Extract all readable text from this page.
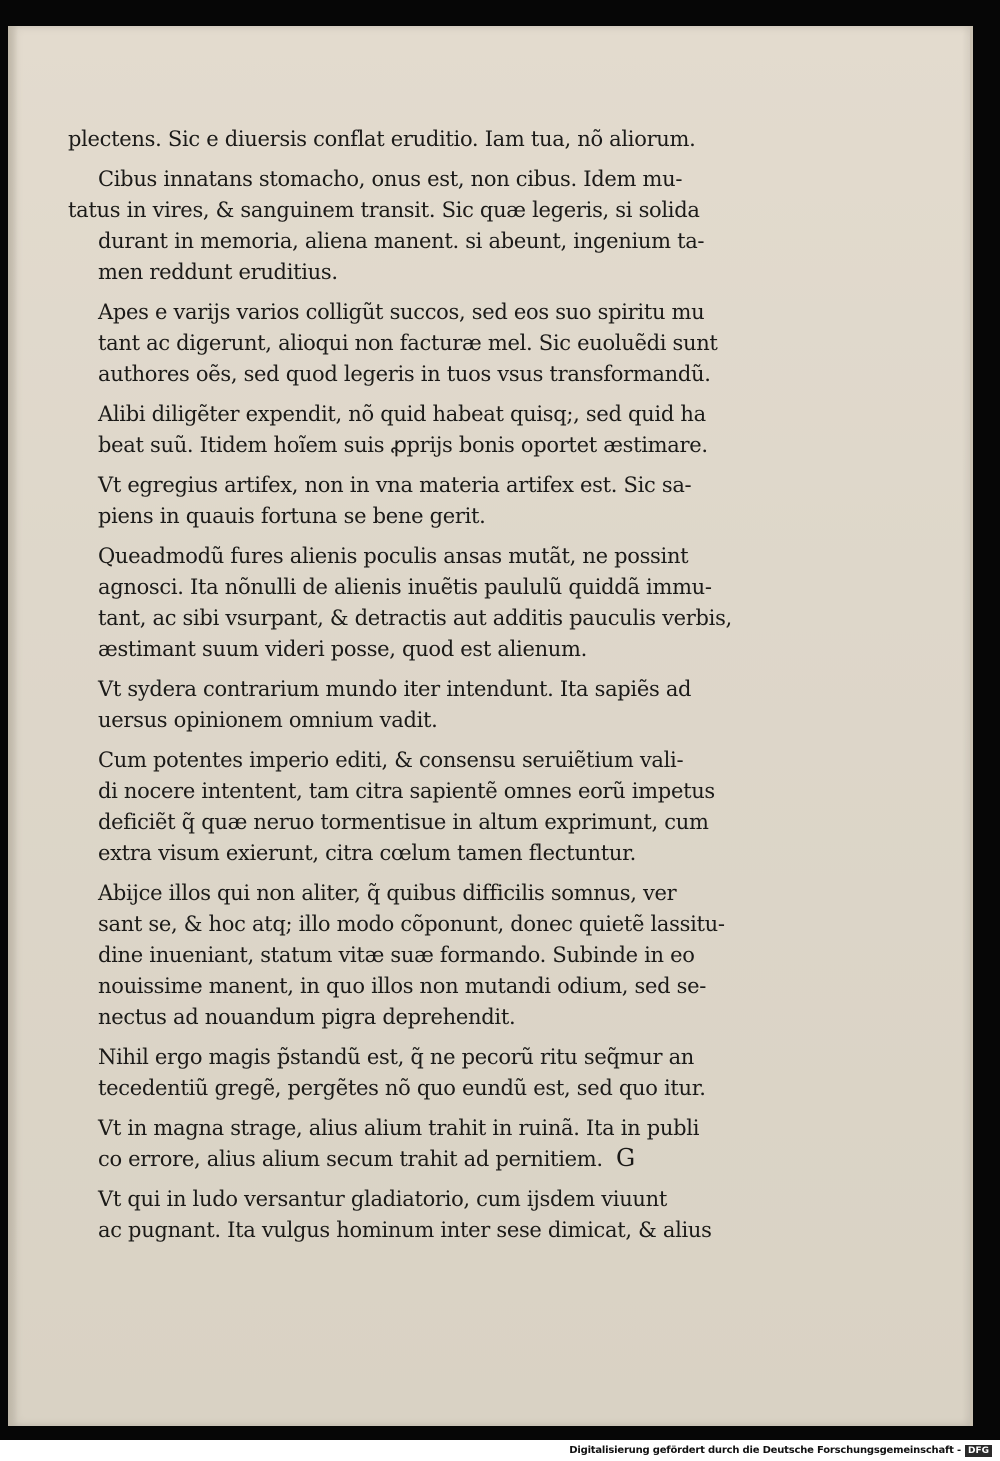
plectens. Sic e diuersis conflat eruditio. Iam tua, nõ aliorum.

Cibus innatans stomacho, onus est, non cibus. Idem mu-
tatus in vires, & sanguinem transit. Sic quæ legeris, si solida
durant in memoria, aliena manent. si abeunt, ingenium ta-
men reddunt eruditius.

Apes e varijs varios colligũt succos, sed eos suo spiritu mu
tant ac digerunt, alioqui non facturæ mel. Sic euoluẽdi sunt
authores oẽs, sed quod legeris in tuos vsus transformandũ.

Alibi diligẽter expendit, nõ quid habeat quisq;, sed quid ha
beat suũ. Itidem hoĩem suis ꝓprijs bonis oportet æstimare.

Vt egregius artifex, non in vna materia artifex est. Sic sa-
piens in quauis fortuna se bene gerit.

Queadmodũ fures alienis poculis ansas mutãt, ne possint
agnosci. Ita nõnulli de alienis inuẽtis paululũ quiddã immu-
tant, ac sibi vsurpant, & detractis aut additis pauculis verbis,
æstimant suum videri posse, quod est alienum.

Vt sydera contrarium mundo iter intendunt. Ita sapiẽs ad
uersus opinionem omnium vadit.

Cum potentes imperio editi, & consensu seruiẽtium vali-
di nocere intentent, tam citra sapientẽ omnes eorũ impetus
deficiẽt q̃ quæ neruo tormentisue in altum exprimunt, cum
extra visum exierunt, citra cœlum tamen flectuntur.

Abijce illos qui non aliter, q̃ quibus difficilis somnus, ver
sant se, & hoc atq; illo modo cõponunt, donec quietẽ lassitu-
dine inueniant, statum vitæ suæ formando. Subinde in eo
nouissime manent, in quo illos non mutandi odium, sed se-
nectus ad nouandum pigra deprehendit.

Nihil ergo magis p̃standũ est, q̃ ne pecorũ ritu seq̃mur an
tecedentiũ gregẽ, pergẽtes nõ quo eundũ est, sed quo itur.

Vt in magna strage, alius alium trahit in ruinã. Ita in publi
co errore, alius alium secum trahit ad pernitiem.

Vt qui in ludo versantur gladiatorio, cum ijsdem viuunt
ac pugnant. Ita vulgus hominum inter sese dimicat, & alius

G
Digitalisierung gefördert durch die Deutsche Forschungsgemeinschaft - DFG
